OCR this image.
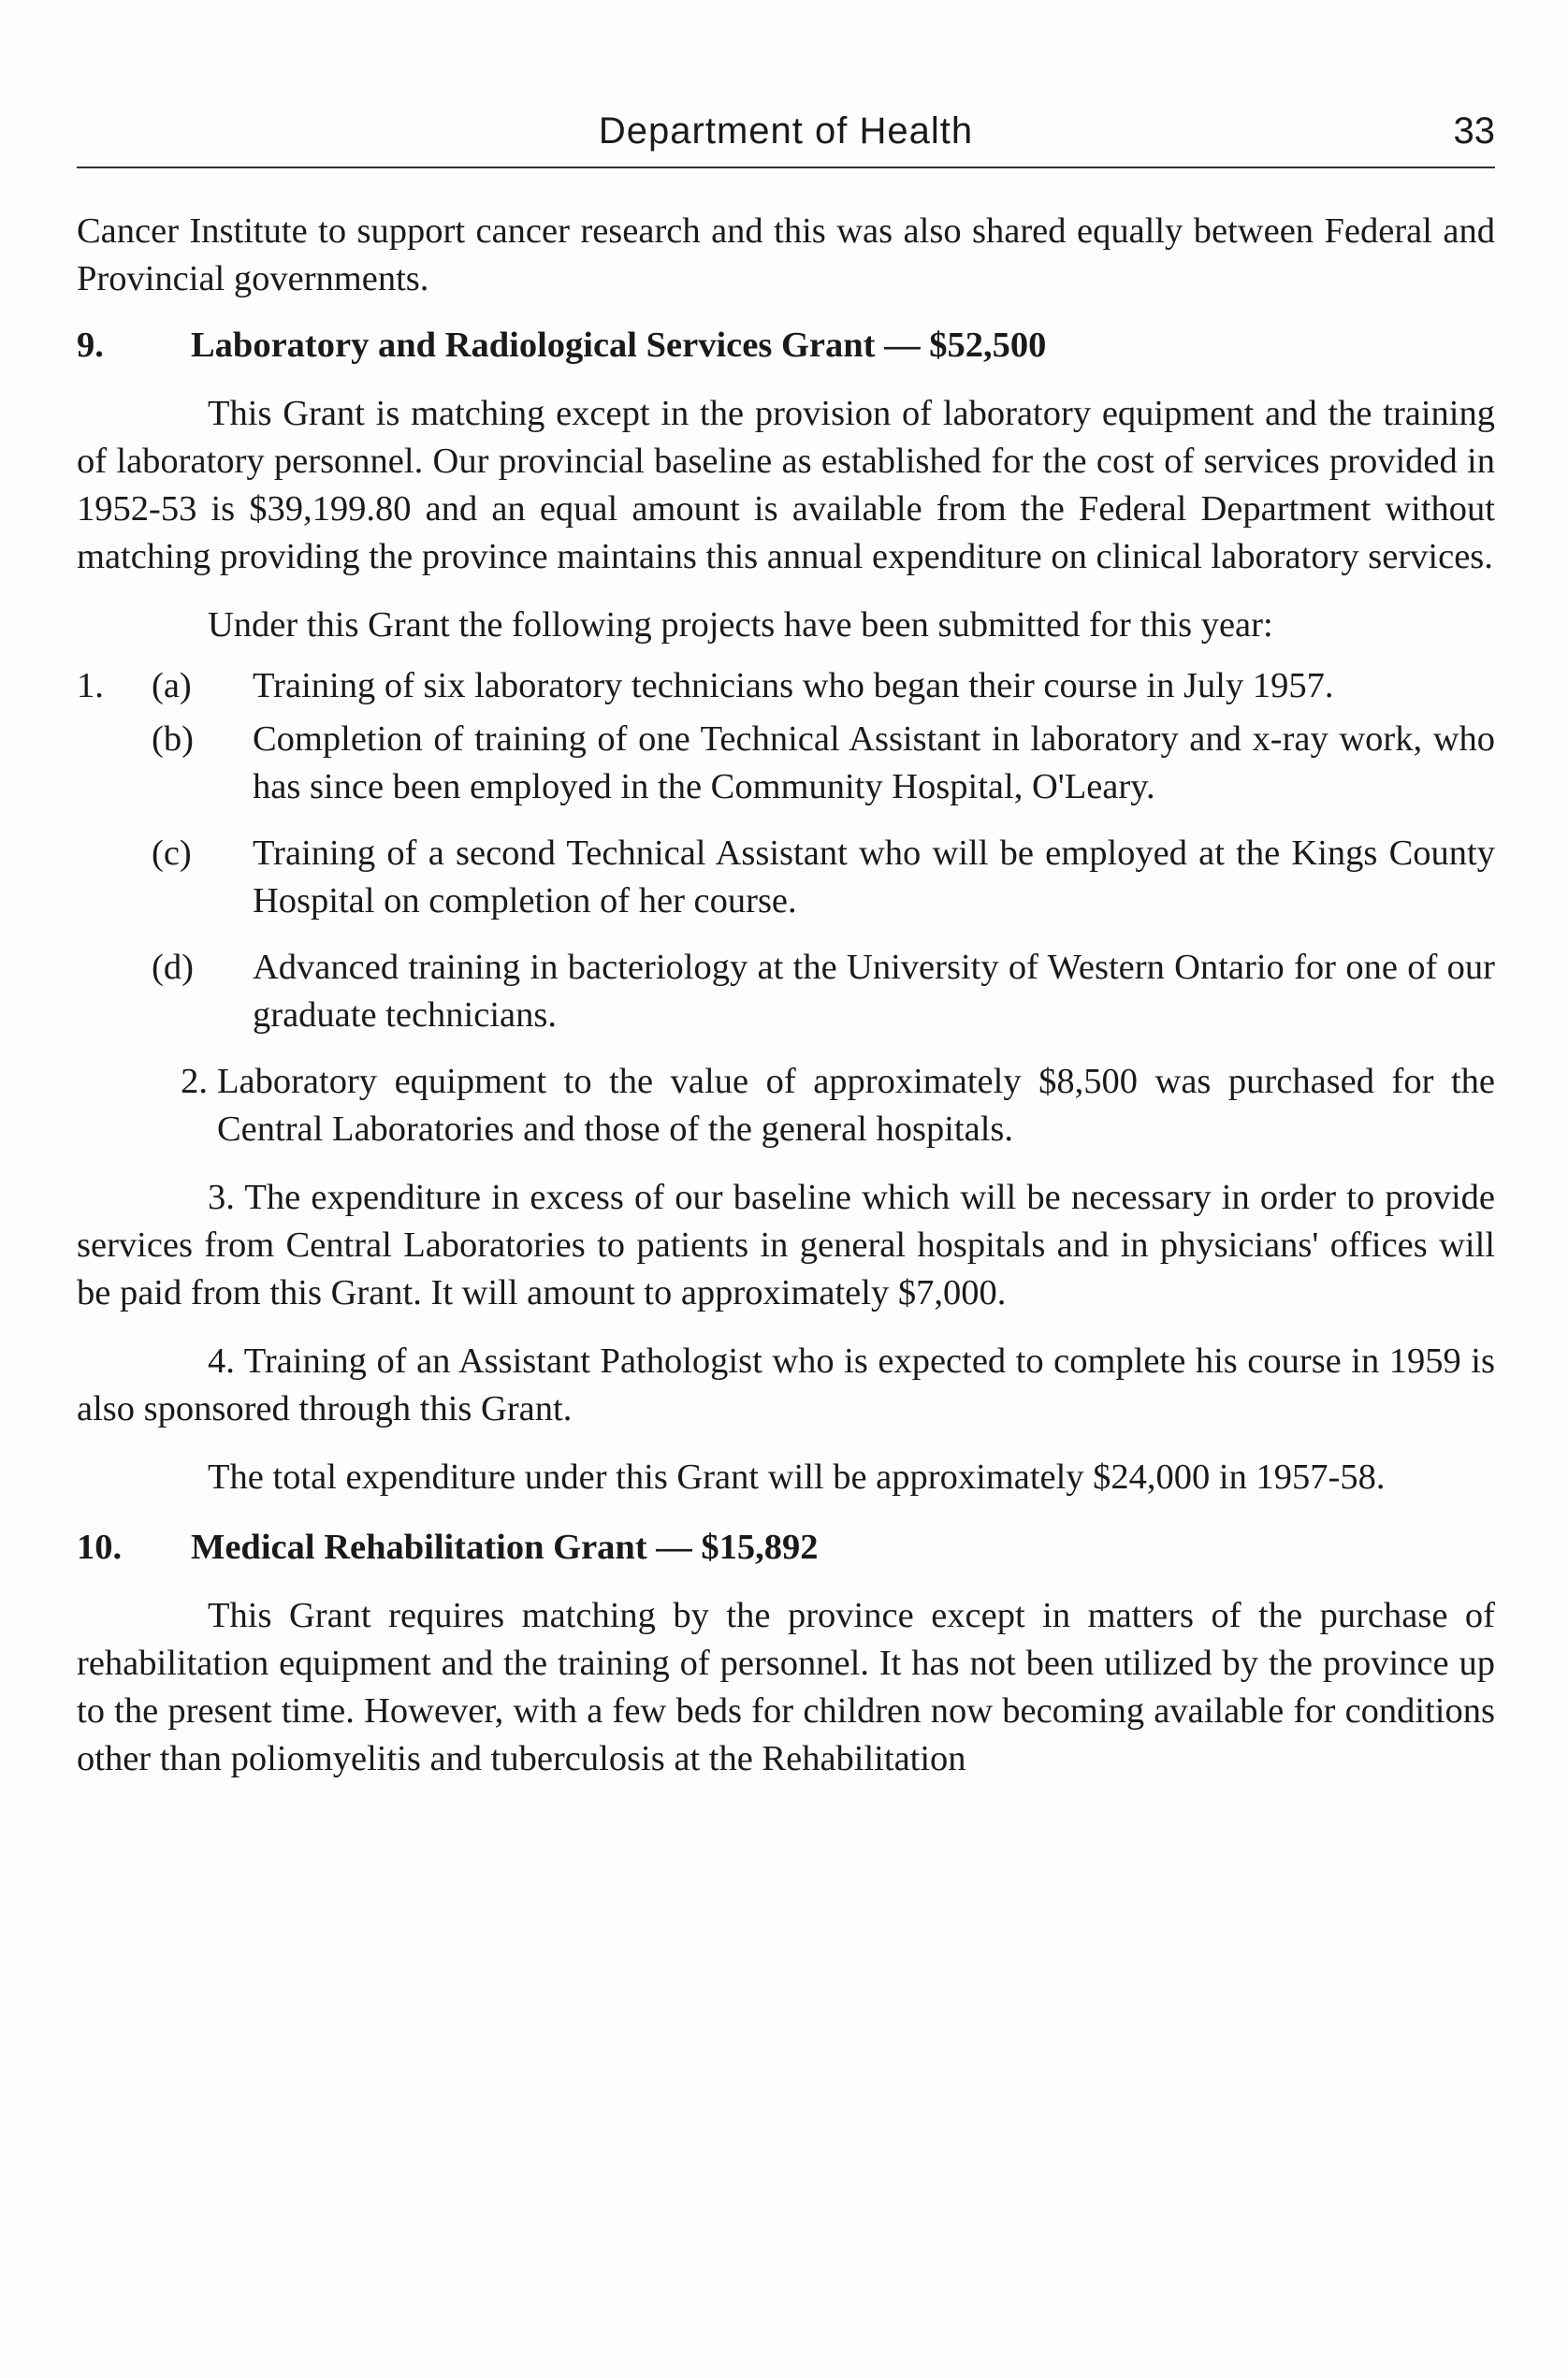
Department of Health	33

Cancer Institute to support cancer research and this was also shared equally between Federal and Provincial governments.

9. Laboratory and Radiological Services Grant — $52,500

This Grant is matching except in the provision of laboratory equipment and the training of laboratory personnel. Our provincial baseline as established for the cost of services provided in 1952-53 is $39,199.80 and an equal amount is available from the Federal Department without matching providing the province maintains this annual expenditure on clinical laboratory services.

Under this Grant the following projects have been submitted for this year:

1.	(a)	Training of six laboratory technicians who began their course in July 1957.
(b)	Completion of training of one Technical Assistant in laboratory and x-ray work, who has since been employed in the Community Hospital, O'Leary.
(c)	Training of a second Technical Assistant who will be employed at the Kings County Hospital on completion of her course.
(d)	Advanced training in bacteriology at the University of Western Ontario for one of our graduate technicians.
2. Laboratory equipment to the value of approximately $8,500 was purchased for the Central Laboratories and those of the general hospitals.

3. The expenditure in excess of our baseline which will be necessary in order to provide services from Central Laboratories to patients in general hospitals and in physicians' offices will be paid from this Grant. It will amount to approximately $7,000.

4. Training of an Assistant Pathologist who is expected to complete his course in 1959 is also sponsored through this Grant.

The total expenditure under this Grant will be approximately $24,000 in 1957-58.

10. Medical Rehabilitation Grant — $15,892

This Grant requires matching by the province except in matters of the purchase of rehabilitation equipment and the training of personnel. It has not been utilized by the province up to the present time. However, with a few beds for children now becoming available for conditions other than poliomyelitis and tuberculosis at the Rehabilitation
